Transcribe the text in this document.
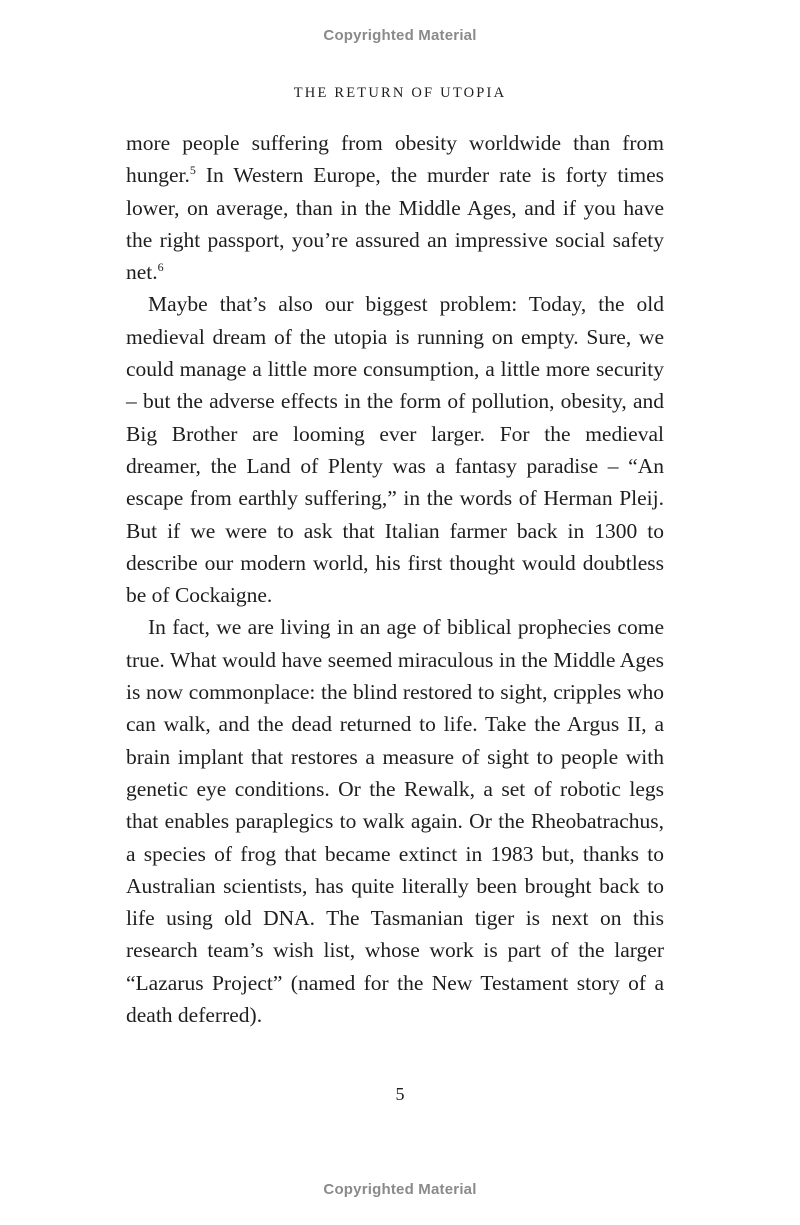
Copyrighted Material
THE RETURN OF UTOPIA

more people suffering from obesity worldwide than from hunger.$^5$ In Western Europe, the murder rate is forty times lower, on average, than in the Middle Ages, and if you have the right passport, you’re assured an impressive social safety net.$^6$

Maybe that’s also our biggest problem: Today, the old medieval dream of the utopia is running on empty. Sure, we could manage a little more consumption, a little more security – but the adverse effects in the form of pollution, obesity, and Big Brother are looming ever larger. For the medieval dreamer, the Land of Plenty was a fantasy paradise – “An escape from earthly suffering,” in the words of Herman Pleij. But if we were to ask that Italian farmer back in 1300 to describe our modern world, his first thought would doubtless be of Cockaigne.

In fact, we are living in an age of biblical prophecies come true. What would have seemed miraculous in the Middle Ages is now commonplace: the blind restored to sight, cripples who can walk, and the dead returned to life. Take the Argus II, a brain implant that restores a measure of sight to people with genetic eye conditions. Or the Rewalk, a set of robotic legs that enables paraplegics to walk again. Or the Rheobatrachus, a species of frog that became extinct in 1983 but, thanks to Australian scientists, has quite literally been brought back to life using old DNA. The Tasmanian tiger is next on this research team’s wish list, whose work is part of the larger “Lazarus Project” (named for the New Testament story of a death deferred).

5
Copyrighted Material
